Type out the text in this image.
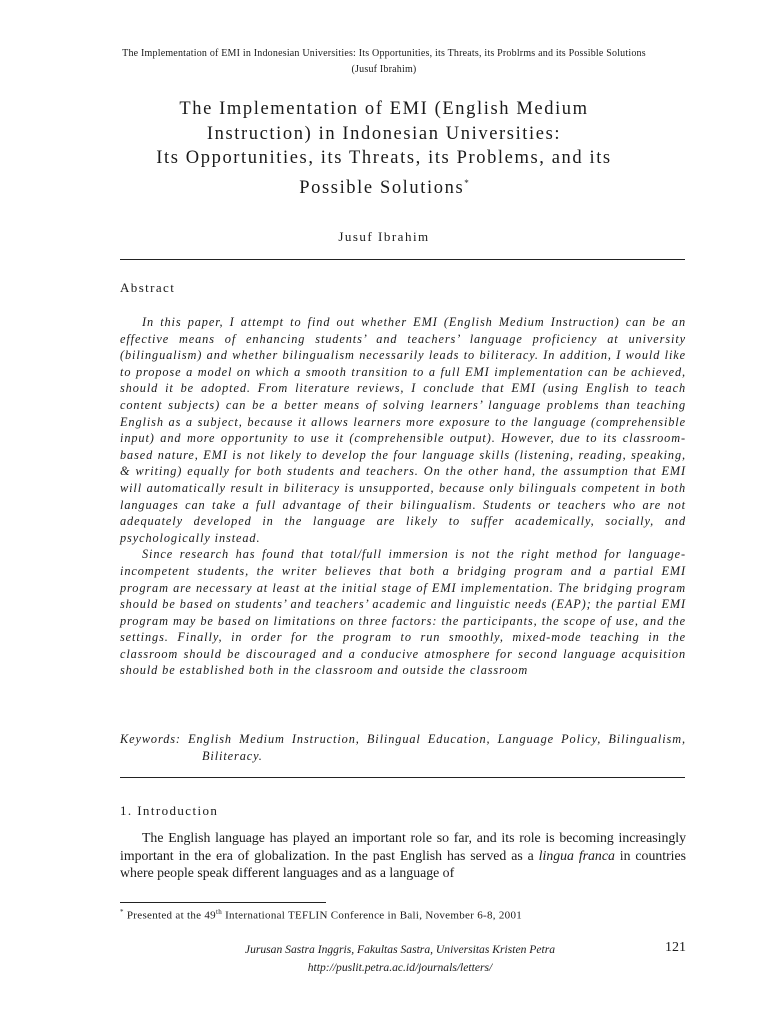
The Implementation of EMI in Indonesian Universities: Its Opportunities, its Threats, its Problrms and its Possible Solutions (Jusuf Ibrahim)
The Implementation of EMI (English Medium
Instruction) in Indonesian Universities:
Its Opportunities, its Threats, its Problems, and its
Possible Solutions*
Jusuf Ibrahim
Abstract

In this paper, I attempt to find out whether EMI (English Medium Instruction) can be an effective means of enhancing students’ and teachers’ language proficiency at university (bilingualism) and whether bilingualism necessarily leads to biliteracy. In addition, I would like to propose a model on which a smooth transition to a full EMI implementation can be achieved, should it be adopted. From literature reviews, I conclude that EMI (using English to teach content subjects) can be a better means of solving learners’ language problems than teaching English as a subject, because it allows learners more exposure to the language (comprehensible input) and more opportunity to use it (comprehensible output). However, due to its classroom-based nature, EMI is not likely to develop the four language skills (listening, reading, speaking, & writing) equally for both students and teachers. On the other hand, the assumption that EMI will automatically result in biliteracy is unsupported, because only bilinguals competent in both languages can take a full advantage of their bilingualism. Students or teachers who are not adequately developed in the language are likely to suffer academically, socially, and psychologically instead.

Since research has found that total/full immersion is not the right method for language-incompetent students, the writer believes that both a bridging program and a partial EMI program are necessary at least at the initial stage of EMI implementation. The bridging program should be based on students’ and teachers’ academic and linguistic needs (EAP); the partial EMI program may be based on limitations on three factors: the participants, the scope of use, and the settings. Finally, in order for the program to run smoothly, mixed-mode teaching in the classroom should be discouraged and a conducive atmosphere for second language acquisition should be established both in the classroom and outside the classroom

Keywords: English Medium Instruction, Bilingual Education, Language Policy, Bilingualism, Biliteracy.
1. Introduction

The English language has played an important role so far, and its role is becoming increasingly important in the era of globalization. In the past English has served as a lingua franca in countries where people speak different languages and as a language of

* Presented at the 49th International TEFLIN Conference in Bali, November 6-8, 2001
Jurusan Sastra Inggris, Fakultas Sastra, Universitas Kristen Petra
http://puslit.petra.ac.id/journals/letters/
121
